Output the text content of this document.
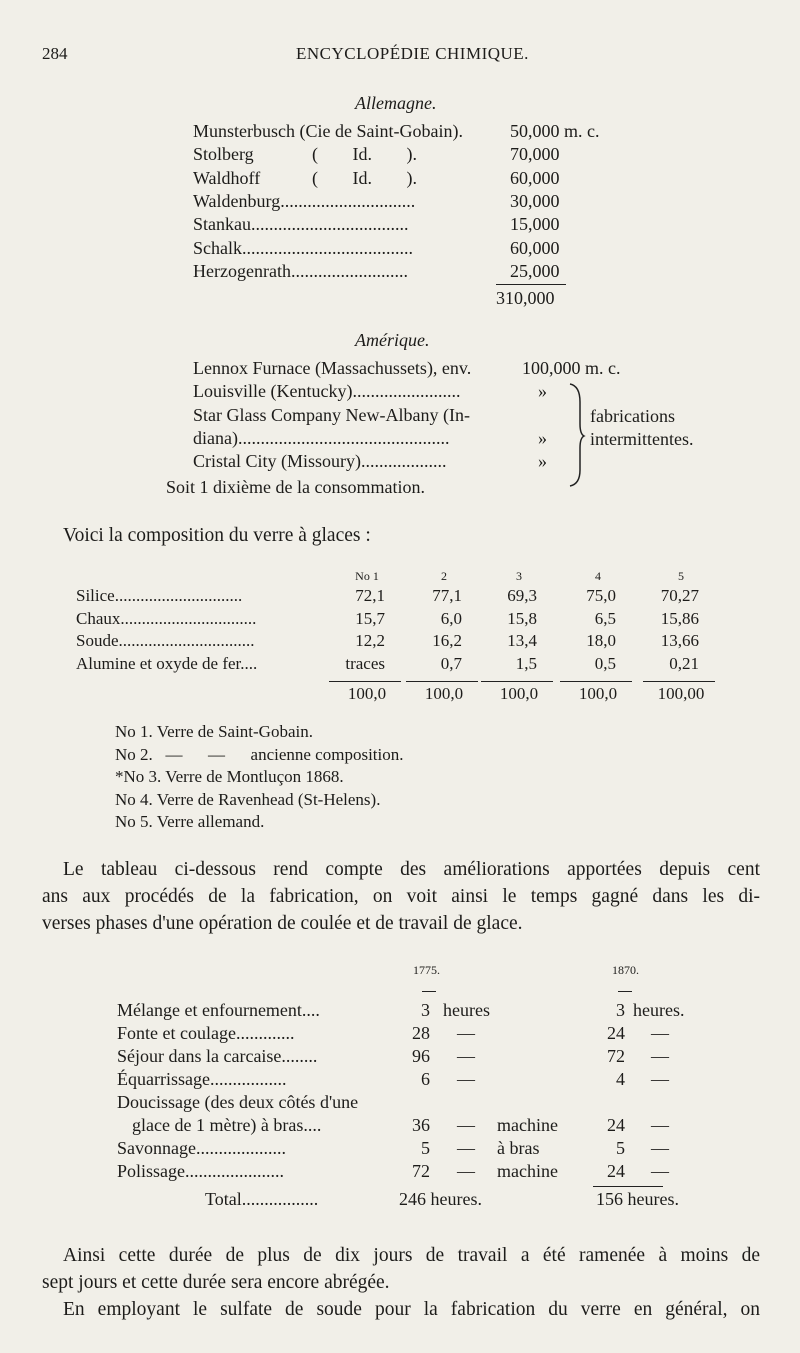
284	ENCYCLOPÉDIE CHIMIQUE.
Allemagne.
Munsterbusch (Cie de Saint-Gobain).	50,000 m. c.
Stolberg	( Id. ).	70,000
Waldhoff	( Id. ).	60,000
Waldenburg..............................	30,000
Stankau...................................	15,000
Schalk......................................	60,000
Herzogenrath..........................	25,000
310,000
Amérique.
Lennox Furnace (Massachussets), env.	100,000 m. c.
Louisville (Kentucky)........................	»
Star Glass Company New-Albany (In-
diana)...............................................	»
Cristal City (Missoury)...................	»
fabrications
intermittentes.
Soit 1 dixième de la consommation.
Voici la composition du verre à glaces :
No 1	2	3	4	5
Silice..............................	72,1	77,1	69,3	75,0	70,27
Chaux................................	15,7	6,0	15,8	6,5	15,86
Soude................................	12,2	16,2	13,4	18,0	13,66
Alumine et oxyde de fer....	traces	0,7	1,5	0,5	0,21
100,0	100,0	100,0	100,0	100,00
No 1. Verre de Saint-Gobain.
No 2.   —      —      ancienne composition.
*No 3. Verre de Montluçon 1868.
No 4. Verre de Ravenhead (St-Helens).
No 5. Verre allemand.
Le tableau ci-dessous rend compte des améliorations apportées depuis cent
ans aux procédés de la fabrication, on voit ainsi le temps gagné dans les di-
verses phases d'une opération de coulée et de travail de glace.
1775.	1870.
Mélange et enfournement....	3 heures	3 heures.
Fonte et coulage.............	28 —	24 —
Séjour dans la carcaise........	96 —	72 —
Équarrissage.................	6 —	4 —
Doucissage (des deux côtés d'une
glace de 1 mètre) à bras....	36 — machine	24 —
Savonnage....................	5 — à bras	5 —
Polissage......................	72 — machine	24 —
Total.................	246 heures.	156 heures.
Ainsi cette durée de plus de dix jours de travail a été ramenée à moins de
sept jours et cette durée sera encore abrégée.
En employant le sulfate de soude pour la fabrication du verre en général, on
